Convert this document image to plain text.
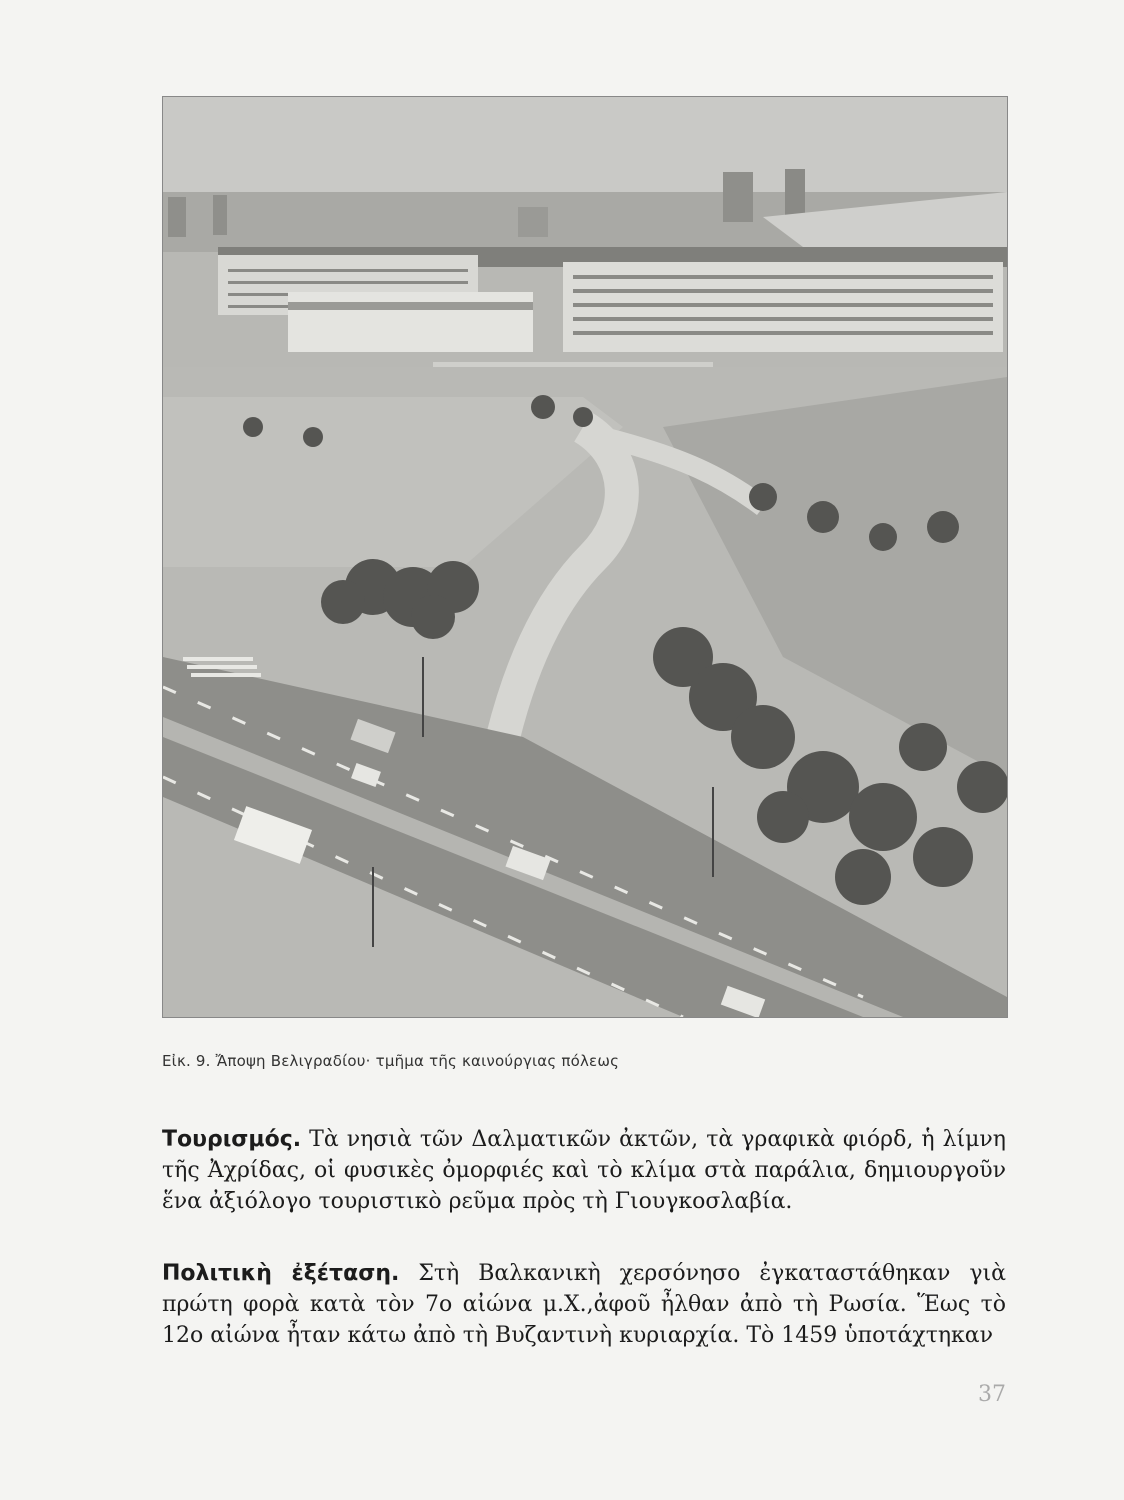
Εἰκ. 9. Ἄποψη Βελιγραδίου· τμῆμα τῆς καινούργιας πόλεως
Τουρισμός. Τὰ νησιὰ τῶν Δαλματικῶν ἀκτῶν, τὰ γραφικὰ φιόρδ, ἡ λίμνη τῆς Ἀχρίδας, οἱ φυσικὲς ὀμορφιές καὶ τὸ κλίμα στὰ παράλια, δημιουργοῦν ἕνα ἀξιόλογο τουριστικὸ ρεῦμα πρὸς τὴ Γιουγκοσλαβία.
Πολιτικὴ ἐξέταση. Στὴ Βαλκανικὴ χερσόνησο ἐγκαταστάθηκαν γιὰ πρώτη φορὰ κατὰ τὸν 7ο αἰώνα μ.Χ.,ἀφοῦ ἦλθαν ἀπὸ τὴ Ρωσία. Ἕως τὸ 12ο αἰώνα ἦταν κάτω ἀπὸ τὴ Βυζαντινὴ κυριαρχία. Τὸ 1459 ὑποτάχτηκαν
37
